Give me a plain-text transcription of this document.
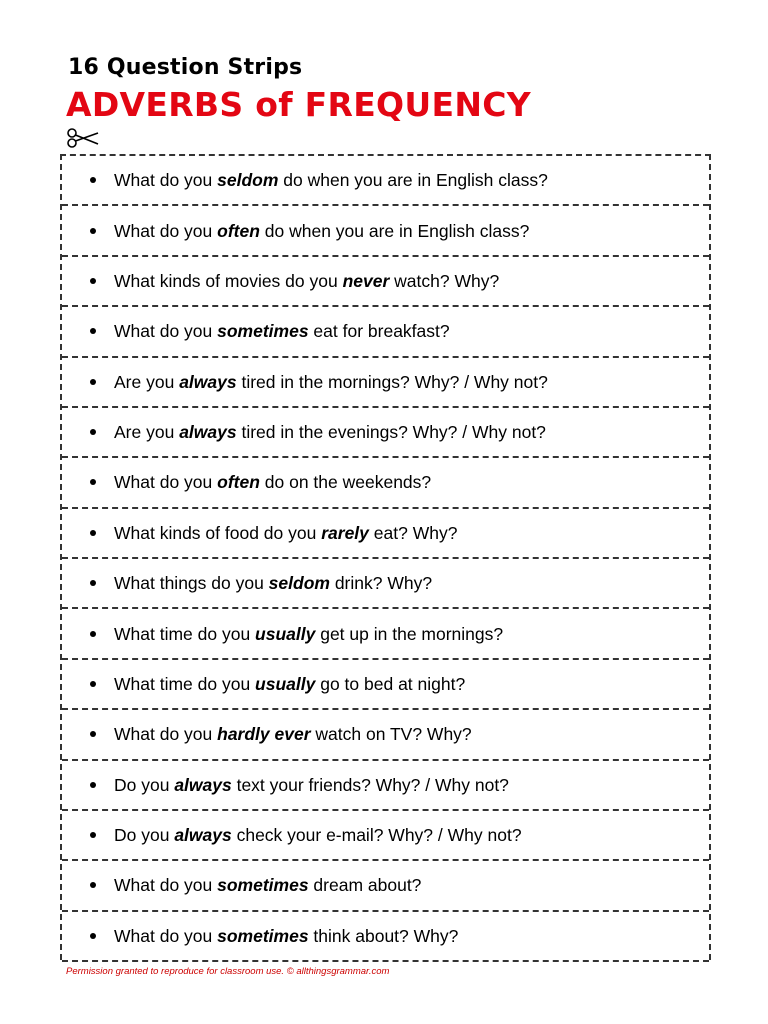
16 Question Strips
ADVERBS of FREQUENCY
What do you seldom do when you are in English class?
What do you often do when you are in English class?
What kinds of movies do you never watch? Why?
What do you sometimes eat for breakfast?
Are you always tired in the mornings? Why? / Why not?
Are you always tired in the evenings? Why? / Why not?
What do you often do on the weekends?
What kinds of food do you rarely eat? Why?
What things do you seldom drink? Why?
What time do you usually get up in the mornings?
What time do you usually go to bed at night?
What do you hardly ever watch on TV? Why?
Do you always text your friends? Why? / Why not?
Do you always check your e-mail? Why? / Why not?
What do you sometimes dream about?
What do you sometimes think about? Why?
Permission granted to reproduce for classroom use. © allthingsgrammar.com
